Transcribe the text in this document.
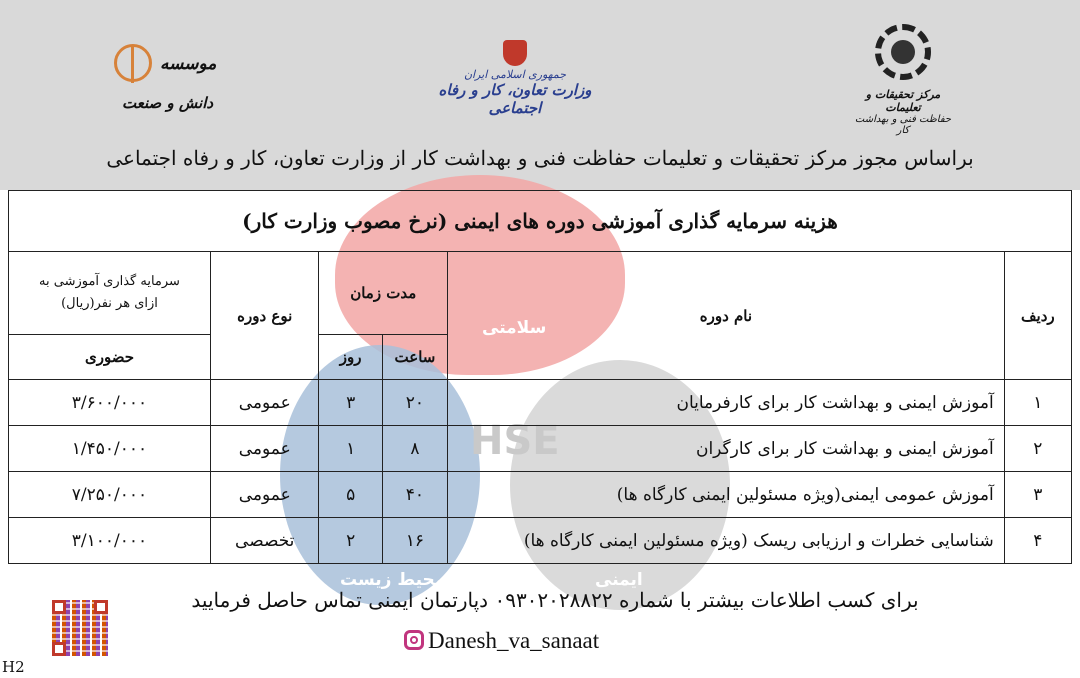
موسسه
دانش و صنعت
جمهوری اسلامی ایران
وزارت تعاون، کار و رفاه اجتماعی
مرکز تحقیقات و تعلیمات
حفاظت فنی و بهداشت کار
براساس مجوز مرکز تحقیقات و تعلیمات حفاظت فنی و بهداشت کار از وزارت تعاون، کار و رفاه اجتماعی
سلامتی
محیط زیست	ایمنی
HSE
هزینه سرمایه گذاری آموزشی دوره های ایمنی (نرخ مصوب وزارت کار)					
ردیف	نام دوره	مدت زمان		نوع دوره	سرمایه گذاری آموزشی به
ازای هر نفر(ریال)

		ساعت	روز		حضوری
۱	آموزش ایمنی و بهداشت کار برای کارفرمایان	۲۰	۳	عمومی	۳/۶۰۰/۰۰۰
۲	آموزش ایمنی و بهداشت کار برای کارگران	۸	۱	عمومی	۱/۴۵۰/۰۰۰
۳	آموزش عمومی ایمنی(ویژه مسئولین ایمنی کارگاه ها)	۴۰	۵	عمومی	۷/۲۵۰/۰۰۰
۴	شناسایی خطرات و ارزیابی ریسک (ویژه مسئولین ایمنی کارگاه ها)	۱۶	۲	تخصصی	۳/۱۰۰/۰۰۰
برای کسب اطلاعات بیشتر با شماره ۰۹۳۰۲۰۲۸۸۲۲ دپارتمان ایمنی تماس حاصل فرمایید
Danesh_va_sanaat
H2
